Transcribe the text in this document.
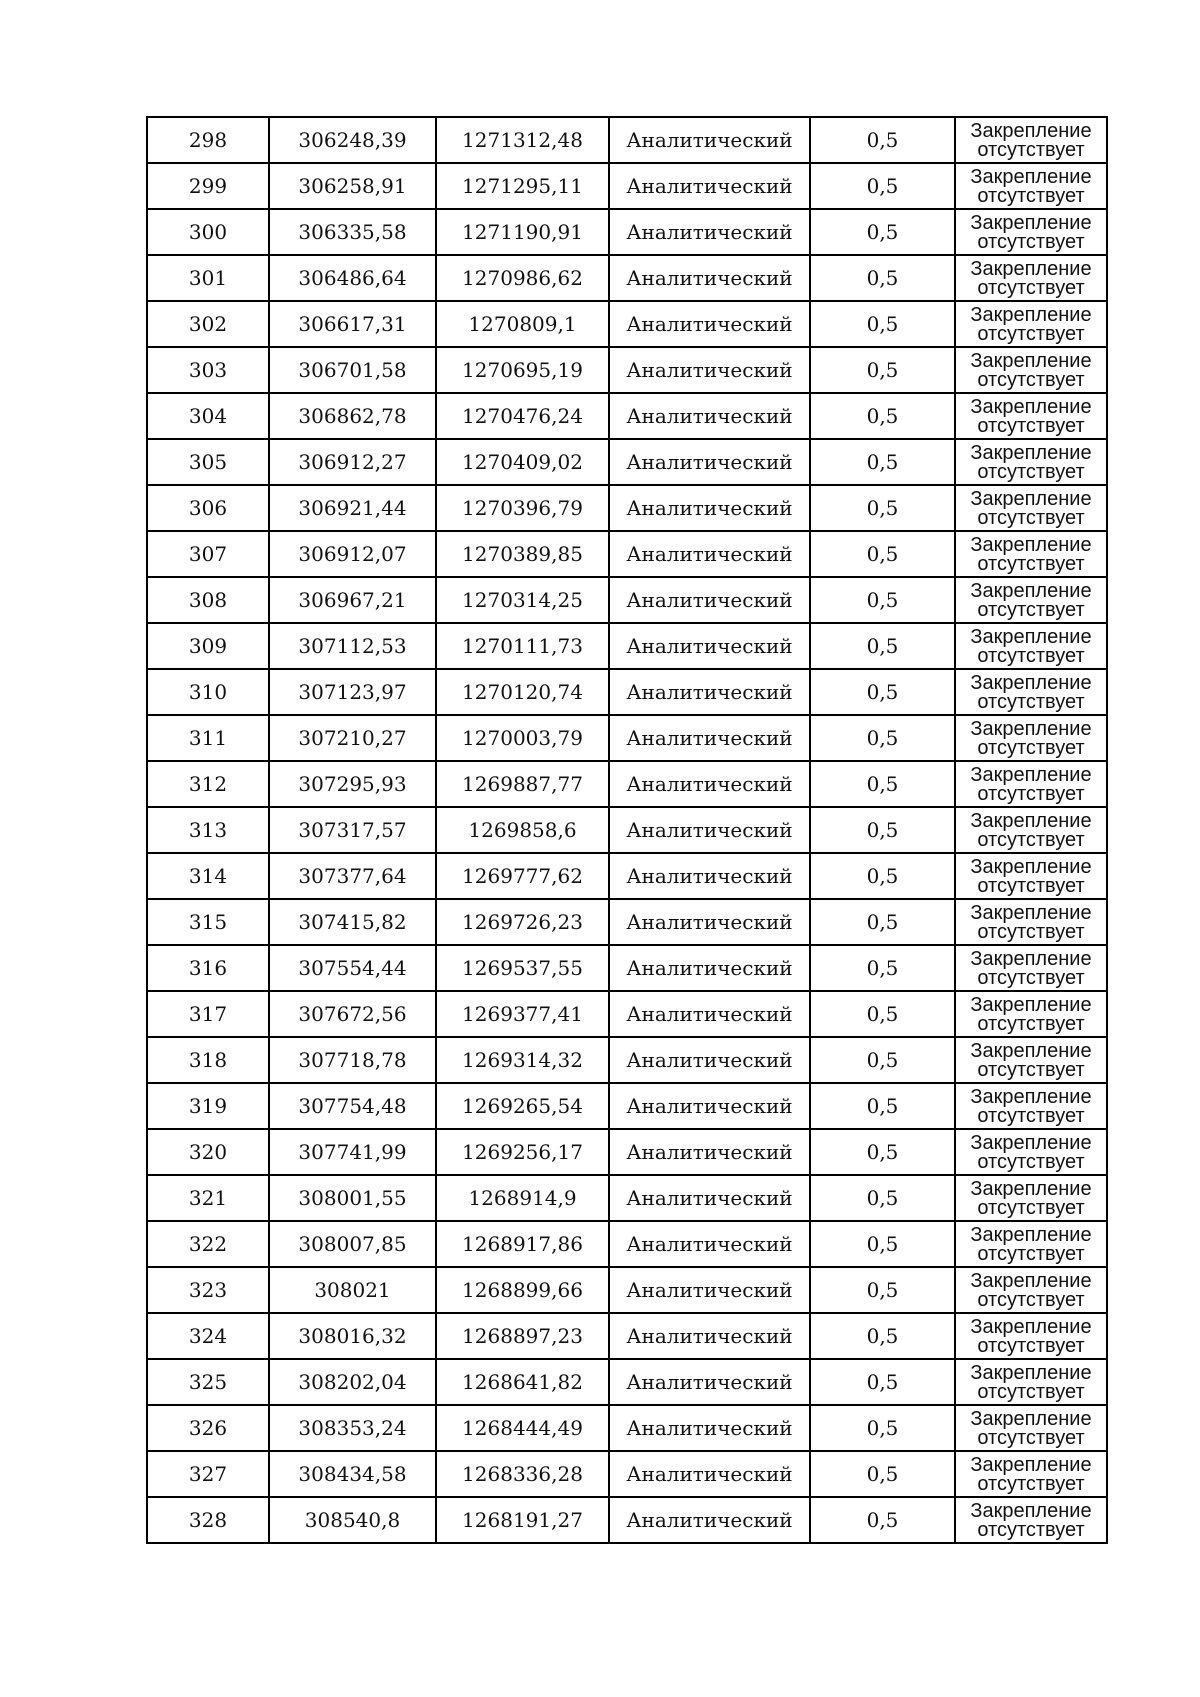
298	306248,39	1271312,48	Аналитический	0,5	Закрепление
отсутствует

299	306258,91	1271295,11	Аналитический	0,5	Закрепление
отсутствует

300	306335,58	1271190,91	Аналитический	0,5	Закрепление
отсутствует

301	306486,64	1270986,62	Аналитический	0,5	Закрепление
отсутствует

302	306617,31	1270809,1	Аналитический	0,5	Закрепление
отсутствует

303	306701,58	1270695,19	Аналитический	0,5	Закрепление
отсутствует

304	306862,78	1270476,24	Аналитический	0,5	Закрепление
отсутствует

305	306912,27	1270409,02	Аналитический	0,5	Закрепление
отсутствует

306	306921,44	1270396,79	Аналитический	0,5	Закрепление
отсутствует

307	306912,07	1270389,85	Аналитический	0,5	Закрепление
отсутствует

308	306967,21	1270314,25	Аналитический	0,5	Закрепление
отсутствует

309	307112,53	1270111,73	Аналитический	0,5	Закрепление
отсутствует

310	307123,97	1270120,74	Аналитический	0,5	Закрепление
отсутствует

311	307210,27	1270003,79	Аналитический	0,5	Закрепление
отсутствует

312	307295,93	1269887,77	Аналитический	0,5	Закрепление
отсутствует

313	307317,57	1269858,6	Аналитический	0,5	Закрепление
отсутствует

314	307377,64	1269777,62	Аналитический	0,5	Закрепление
отсутствует

315	307415,82	1269726,23	Аналитический	0,5	Закрепление
отсутствует

316	307554,44	1269537,55	Аналитический	0,5	Закрепление
отсутствует

317	307672,56	1269377,41	Аналитический	0,5	Закрепление
отсутствует

318	307718,78	1269314,32	Аналитический	0,5	Закрепление
отсутствует

319	307754,48	1269265,54	Аналитический	0,5	Закрепление
отсутствует

320	307741,99	1269256,17	Аналитический	0,5	Закрепление
отсутствует

321	308001,55	1268914,9	Аналитический	0,5	Закрепление
отсутствует

322	308007,85	1268917,86	Аналитический	0,5	Закрепление
отсутствует

323	308021	1268899,66	Аналитический	0,5	Закрепление
отсутствует

324	308016,32	1268897,23	Аналитический	0,5	Закрепление
отсутствует

325	308202,04	1268641,82	Аналитический	0,5	Закрепление
отсутствует

326	308353,24	1268444,49	Аналитический	0,5	Закрепление
отсутствует

327	308434,58	1268336,28	Аналитический	0,5	Закрепление
отсутствует

328	308540,8	1268191,27	Аналитический	0,5	Закрепление
отсутствует
